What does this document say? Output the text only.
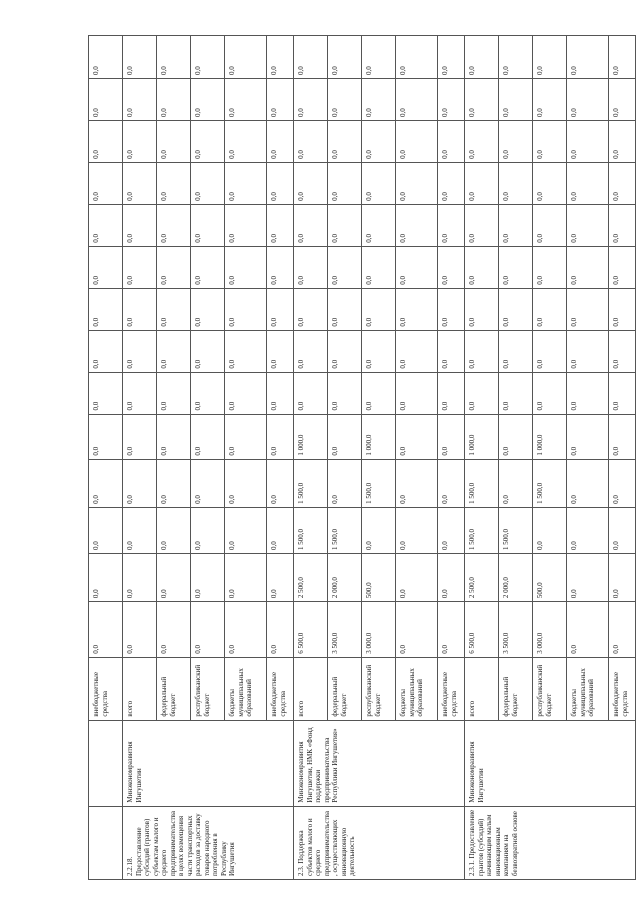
		внебюджетные средства	0,0	0,0	0,0	0,0	0,0	0,0	0,0	0,0	0,0	0,0	0,0	0,0	0,0	0,0
2.2.18. Предоставление субсидий (грантов) субъектам малого и среднего предпринимательства в целях возмещения части транспортных расходов за доставку товаров народного потребления в Республику Ингушетия	Минэкономразвития Ингушетии	всего	0,0	0,0	0,0	0,0	0,0	0,0	0,0	0,0	0,0	0,0	0,0	0,0	0,0	0,0
		федеральный бюджет	0,0	0,0	0,0	0,0	0,0	0,0	0,0	0,0	0,0	0,0	0,0	0,0	0,0	0,0
		республиканский бюджет	0,0	0,0	0,0	0,0	0,0	0,0	0,0	0,0	0,0	0,0	0,0	0,0	0,0	0,0
		бюджеты муниципальных образований	0,0	0,0	0,0	0,0	0,0	0,0	0,0	0,0	0,0	0,0	0,0	0,0	0,0	0,0
		внебюджетные средства	0,0	0,0	0,0	0,0	0,0	0,0	0,0	0,0	0,0	0,0	0,0	0,0	0,0	0,0
2.3. Поддержка субъектов малого и среднего предпринимательства, осуществляющих инновационную деятельность	Минэкономразвития Ингушетии, НМК «Фонд поддержки предпринимательства Республики Ингушетия»	всего	6 500,0	2 500,0	1 500,0	1 500,0	1 000,0	0,0	0,0	0,0	0,0	0,0	0,0	0,0	0,0	0,0
		федеральный бюджет	3 500,0	2 000,0	1 500,0	0,0	0,0	0,0	0,0	0,0	0,0	0,0	0,0	0,0	0,0	0,0
		республиканский бюджет	3 000,0	500,0	0,0	1 500,0	1 000,0	0,0	0,0	0,0	0,0	0,0	0,0	0,0	0,0	0,0
		бюджеты муниципальных образований	0,0	0,0	0,0	0,0	0,0	0,0	0,0	0,0	0,0	0,0	0,0	0,0	0,0	0,0
		внебюджетные средства	0,0	0,0	0,0	0,0	0,0	0,0	0,0	0,0	0,0	0,0	0,0	0,0	0,0	0,0
2.3.1. Предоставление грантов (субсидий) начинающим малым инновационным компаниям на безвозвратной основе	Минэкономразвития Ингушетии	всего	6 500,0	2 500,0	1 500,0	1 500,0	1 000,0	0,0	0,0	0,0	0,0	0,0	0,0	0,0	0,0	0,0
		федеральный бюджет	3 500,0	2 000,0	1 500,0	0,0	0,0	0,0	0,0	0,0	0,0	0,0	0,0	0,0	0,0	0,0
		республиканский бюджет	3 000,0	500,0	0,0	1 500,0	1 000,0	0,0	0,0	0,0	0,0	0,0	0,0	0,0	0,0	0,0
		бюджеты муниципальных образований	0,0	0,0	0,0	0,0	0,0	0,0	0,0	0,0	0,0	0,0	0,0	0,0	0,0	0,0
		внебюджетные средства	0,0	0,0	0,0	0,0	0,0	0,0	0,0	0,0	0,0	0,0	0,0	0,0	0,0	0,0
